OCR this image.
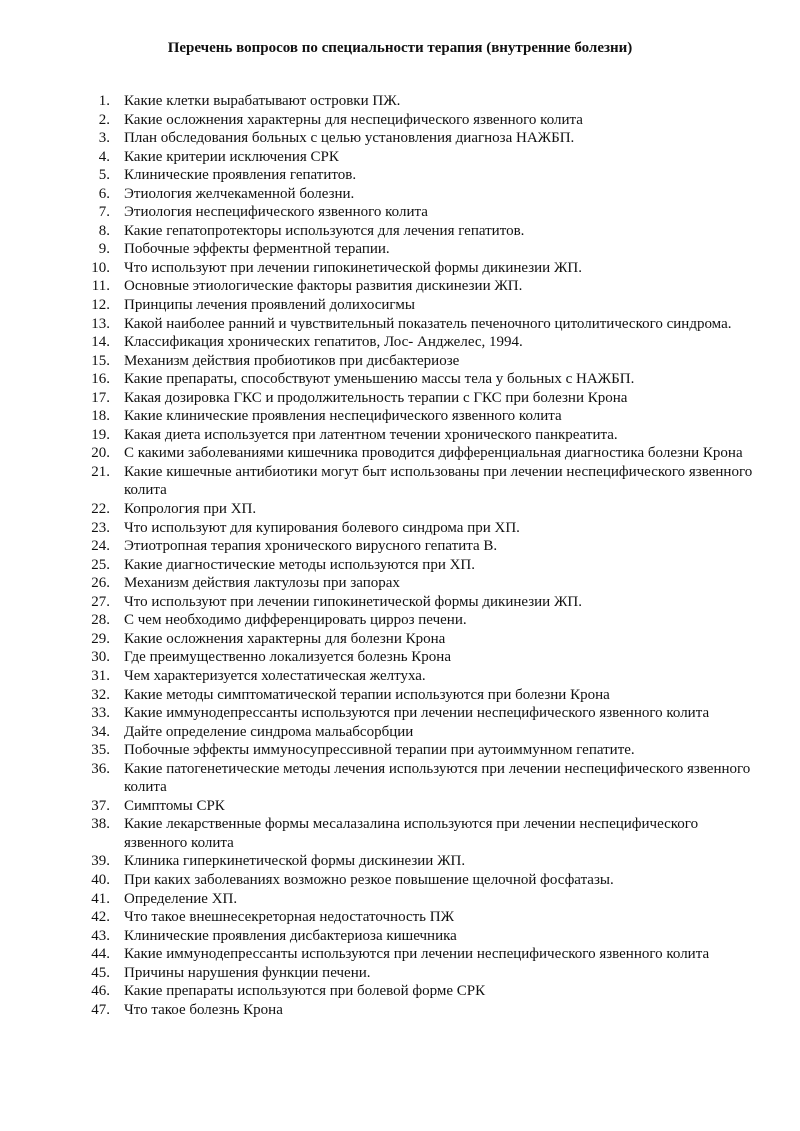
Перечень вопросов по специальности терапия (внутренние болезни)
1. Какие клетки вырабатывают островки ПЖ.
2. Какие осложнения характерны для неспецифического язвенного колита
3. План обследования больных с целью установления диагноза НАЖБП.
4. Какие критерии исключения СРК
5. Клинические проявления гепатитов.
6. Этиология желчекаменной болезни.
7. Этиология неспецифического язвенного колита
8. Какие гепатопротекторы используются для лечения гепатитов.
9. Побочные эффекты ферментной терапии.
10. Что используют при лечении гипокинетической формы дикинезии ЖП.
11. Основные этиологические факторы развития дискинезии ЖП.
12. Принципы лечения проявлений долихосигмы
13. Какой наиболее ранний и чувствительный показатель печеночного цитолитического синдрома.
14. Классификация хронических гепатитов, Лос- Анджелес, 1994.
15. Механизм действия пробиотиков при дисбактериозе
16. Какие препараты, способствуют уменьшению массы тела у больных с НАЖБП.
17. Какая дозировка ГКС и продолжительность терапии с ГКС при болезни Крона
18. Какие клинические проявления неспецифического язвенного колита
19. Какая диета используется при латентном течении хронического панкреатита.
20. С какими заболеваниями кишечника проводится дифференциальная диагностика болезни Крона
21. Какие кишечные антибиотики могут быт использованы при лечении неспецифического язвенного колита
22. Копрология при ХП.
23. Что используют для купирования болевого синдрома при ХП.
24. Этиотропная терапия хронического вирусного гепатита В.
25. Какие диагностические методы используются при ХП.
26. Механизм действия лактулозы при запорах
27. Что используют при лечении гипокинетической формы дикинезии ЖП.
28. С чем необходимо дифференцировать цирроз печени.
29. Какие осложнения характерны для болезни Крона
30. Где преимущественно локализуется болезнь Крона
31. Чем характеризуется холестатическая желтуха.
32. Какие методы симптоматической терапии используются при болезни Крона
33. Какие иммунодепрессанты используются при лечении неспецифического язвенного колита
34. Дайте определение синдрома мальабсорбции
35. Побочные эффекты иммуносупрессивной терапии при аутоиммунном гепатите.
36. Какие патогенетические методы лечения используются при лечении неспецифического язвенного колита
37. Симптомы СРК
38. Какие лекарственные формы месалазалина используются при лечении неспецифического язвенного колита
39. Клиника гиперкинетической формы дискинезии ЖП.
40. При каких заболеваниях возможно резкое повышение щелочной фосфатазы.
41. Определение ХП.
42. Что такое внешнесекреторная недостаточность ПЖ
43. Клинические проявления дисбактериоза кишечника
44. Какие иммунодепрессанты используются при лечении неспецифического язвенного колита
45. Причины нарушения функции печени.
46. Какие препараты используются при болевой форме СРК
47. Что такое болезнь Крона
